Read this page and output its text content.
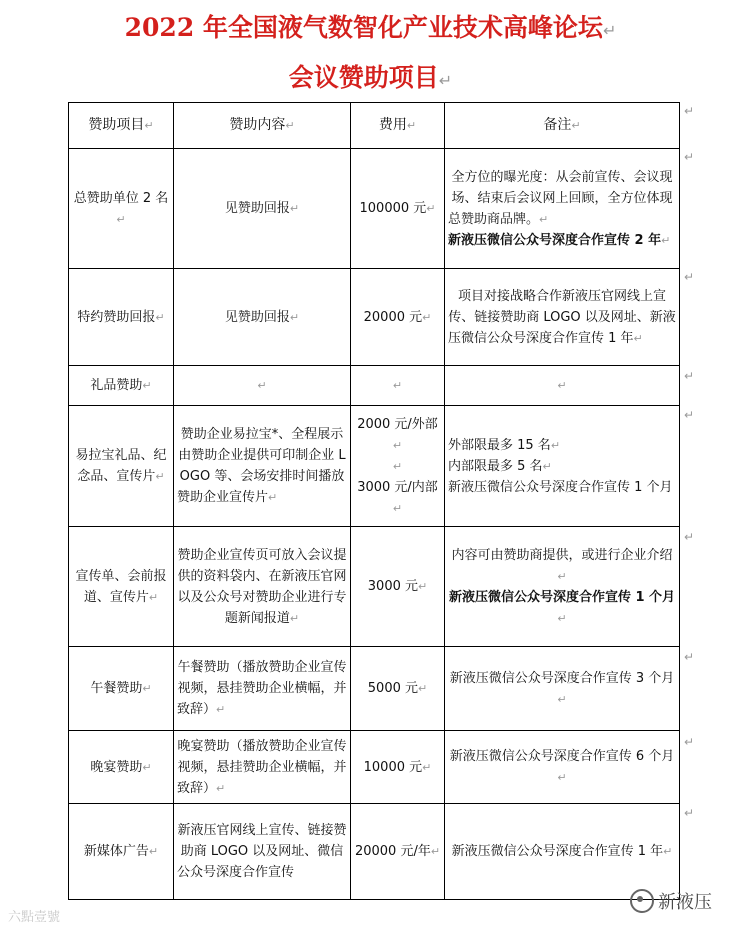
2022 年全国液气数智化产业技术高峰论坛↵
会议赞助项目↵
赞助项目↵	赞助内容↵	费用↵	备注↵
总赞助单位 2 名↵	见赞助回报↵	100000 元↵	全方位的曝光度：从会前宣传、会议现场、结束后会议网上回顾，全方位体现总赞助商品牌。↵
新液压微信公众号深度合作宣传 2 年↵
特约赞助回报↵	见赞助回报↵	20000 元↵	项目对接战略合作新液压官网线上宣传、链接赞助商 LOGO 以及网址、新液压微信公众号深度合作宣传 1 年↵
礼品赞助↵	↵	↵	↵
易拉宝礼品、纪念品、宣传片↵	赞助企业易拉宝*、全程展示由赞助企业提供可印制企业 LOGO 等、会场安排时间播放赞助企业宣传片↵	2000 元/外部↵
↵
3000 元/内部↵	外部限最多 15 名↵
内部限最多 5 名↵
新液压微信公众号深度合作宣传 1 个月
宣传单、会前报道、宣传片↵	赞助企业宣传页可放入会议提供的资料袋内、在新液压官网以及公众号对赞助企业进行专题新闻报道↵	3000 元↵	内容可由赞助商提供，或进行企业介绍↵
新液压微信公众号深度合作宣传 1 个月↵
午餐赞助↵	午餐赞助（播放赞助企业宣传视频，悬挂赞助企业横幅，并致辞）↵	5000 元↵	新液压微信公众号深度合作宣传 3 个月↵
晚宴赞助↵	晚宴赞助（播放赞助企业宣传视频，悬挂赞助企业横幅，并致辞）↵	10000 元↵	新液压微信公众号深度合作宣传 6 个月↵
新媒体广告↵	新液压官网线上宣传、链接赞助商 LOGO 以及网址、微信公众号深度合作宣传	20000 元/年↵	新液压微信公众号深度合作宣传 1 年↵
↵
↵
↵
↵
↵
↵
↵
↵
↵
六點壹號
新液压
